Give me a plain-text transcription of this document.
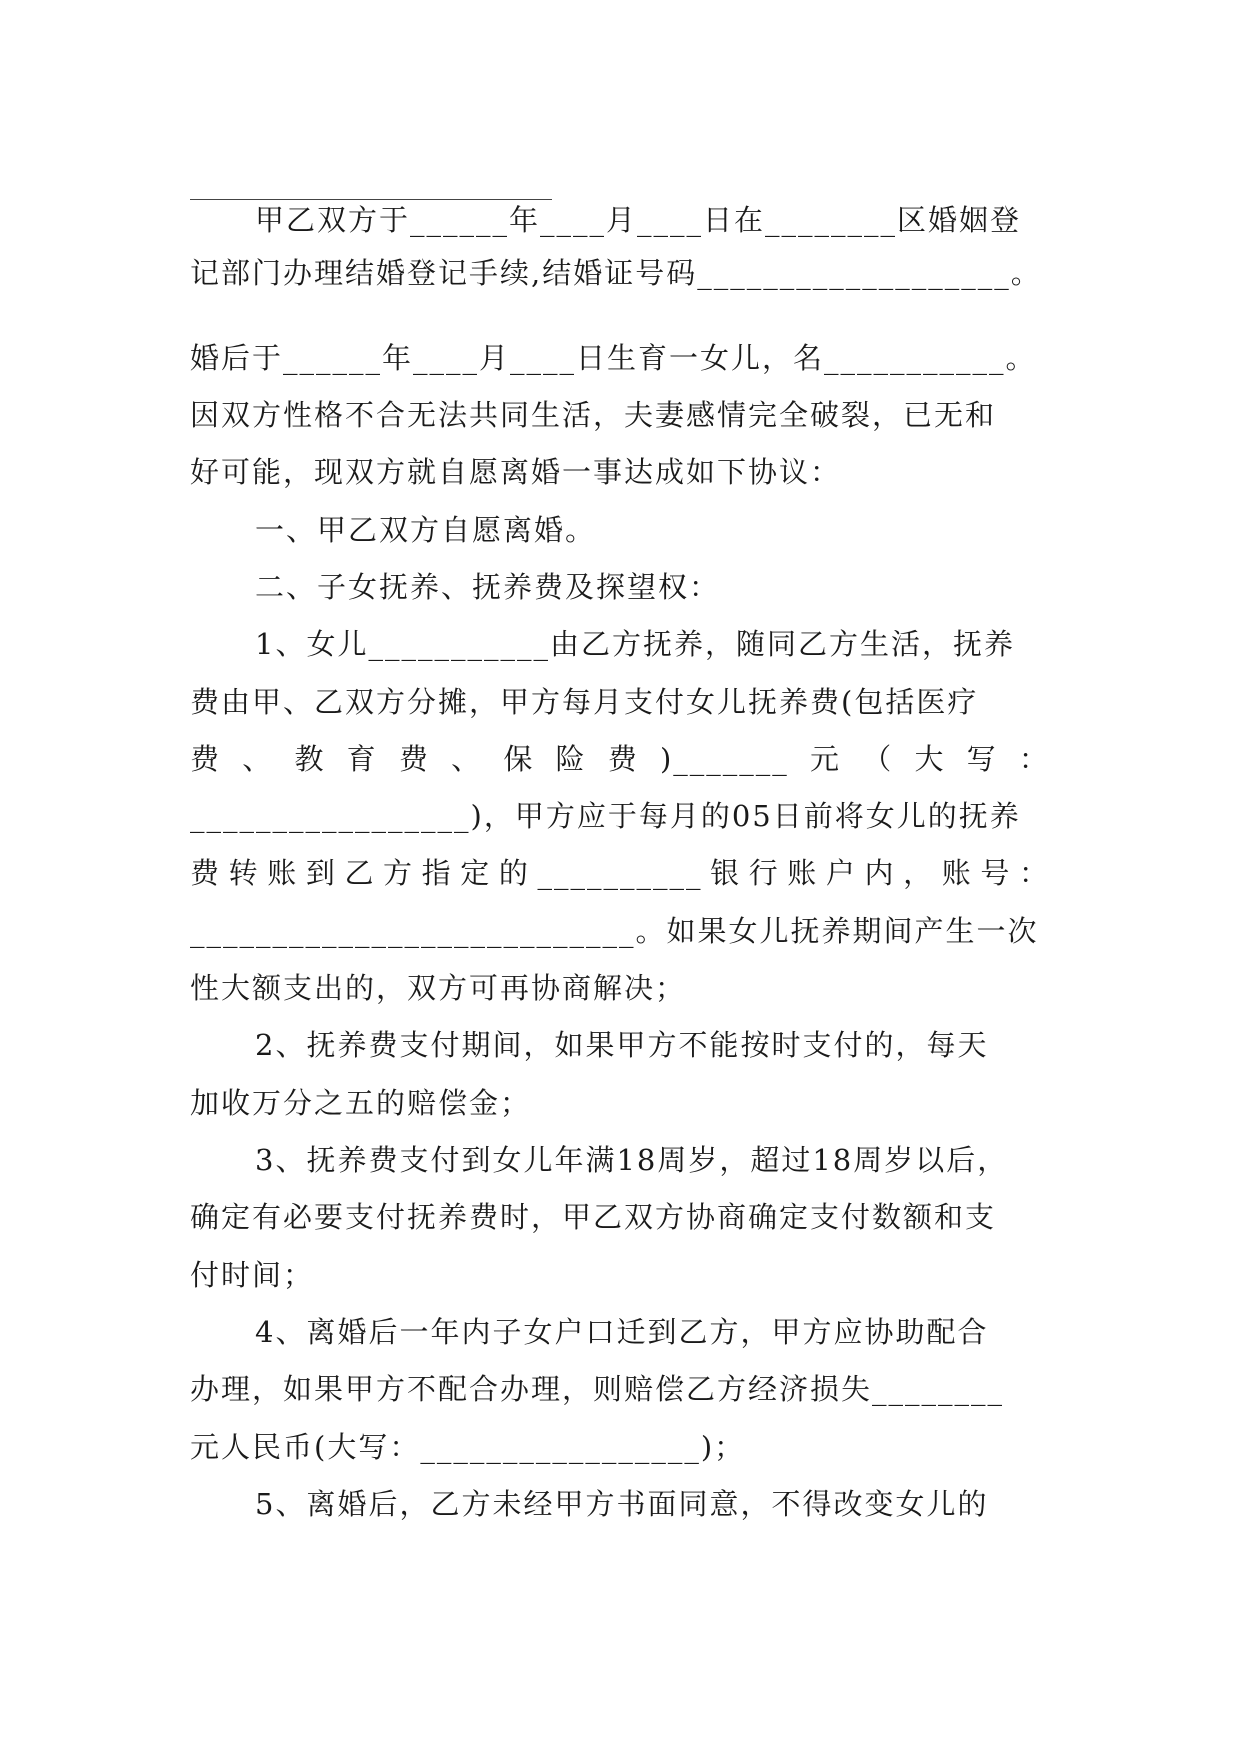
甲乙双方于______年____月____日在________区婚姻登
记部门办理结婚登记手续,结婚证号码___________________。
婚后于______年____月____日生育一女儿，名___________。
因双方性格不合无法共同生活，夫妻感情完全破裂，已无和
好可能，现双方就自愿离婚一事达成如下协议：
一、甲乙双方自愿离婚。
二、子女抚养、抚养费及探望权：
1、女儿___________由乙方抚养，随同乙方生活，抚养
费由甲、乙双方分摊，甲方每月支付女儿抚养费(包括医疗
费 、 教 育 费 、 保 险 费 )_______ 元 （ 大 写 ：
_________________)，甲方应于每月的05日前将女儿的抚养
费 转 账 到 乙 方 指 定 的 __________ 银 行 账 户 内 ， 账 号 ：
___________________________。如果女儿抚养期间产生一次
性大额支出的，双方可再协商解决；
2、抚养费支付期间，如果甲方不能按时支付的，每天
加收万分之五的赔偿金；
3、抚养费支付到女儿年满18周岁，超过18周岁以后，
确定有必要支付抚养费时，甲乙双方协商确定支付数额和支
付时间；
4、离婚后一年内子女户口迁到乙方，甲方应协助配合
办理，如果甲方不配合办理，则赔偿乙方经济损失________
元人民币(大写：_________________)；
5、离婚后，乙方未经甲方书面同意，不得改变女儿的
